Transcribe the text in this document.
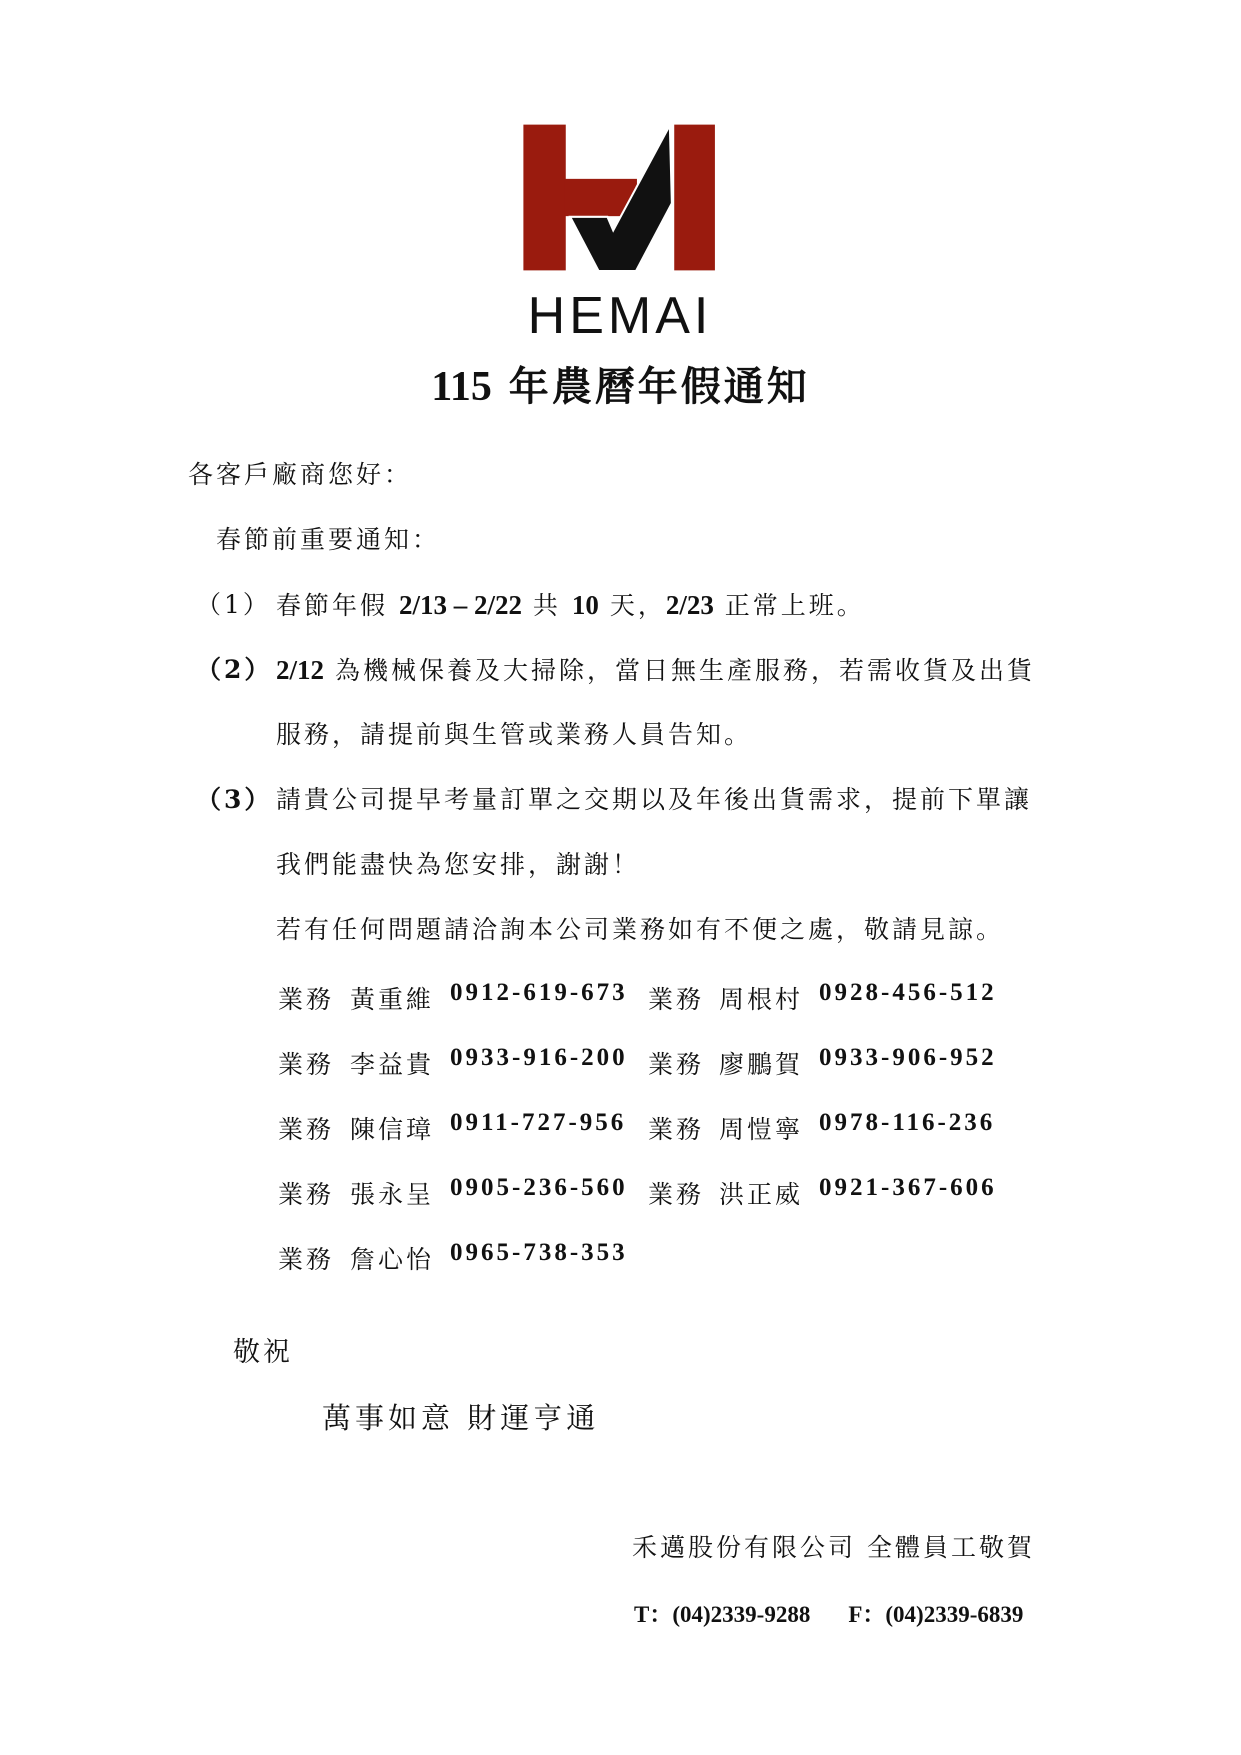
HEMAI
115 年農曆年假通知
各客戶廠商您好：
春節前重要通知：
（1） 春節年假 2/13 – 2/22 共 10 天，2/23 正常上班。
（2） 2/12 為機械保養及大掃除，當日無生產服務，若需收貨及出貨
服務，請提前與生管或業務人員告知。
（3） 請貴公司提早考量訂單之交期以及年後出貨需求，提前下單讓
我們能盡快為您安排，謝謝！
若有任何問題請洽詢本公司業務如有不便之處，敬請見諒。
業務 黃重維 0912-619-673 業務 周根村 0928-456-512
業務 李益貴 0933-916-200 業務 廖鵬賀 0933-906-952
業務 陳信璋 0911-727-956 業務 周愷寧 0978-116-236
業務 張永呈 0905-236-560 業務 洪正威 0921-367-606
業務 詹心怡 0965-738-353
敬祝
萬事如意 財運亨通
禾邁股份有限公司 全體員工敬賀
T：(04)2339-9288 F：(04)2339-6839
